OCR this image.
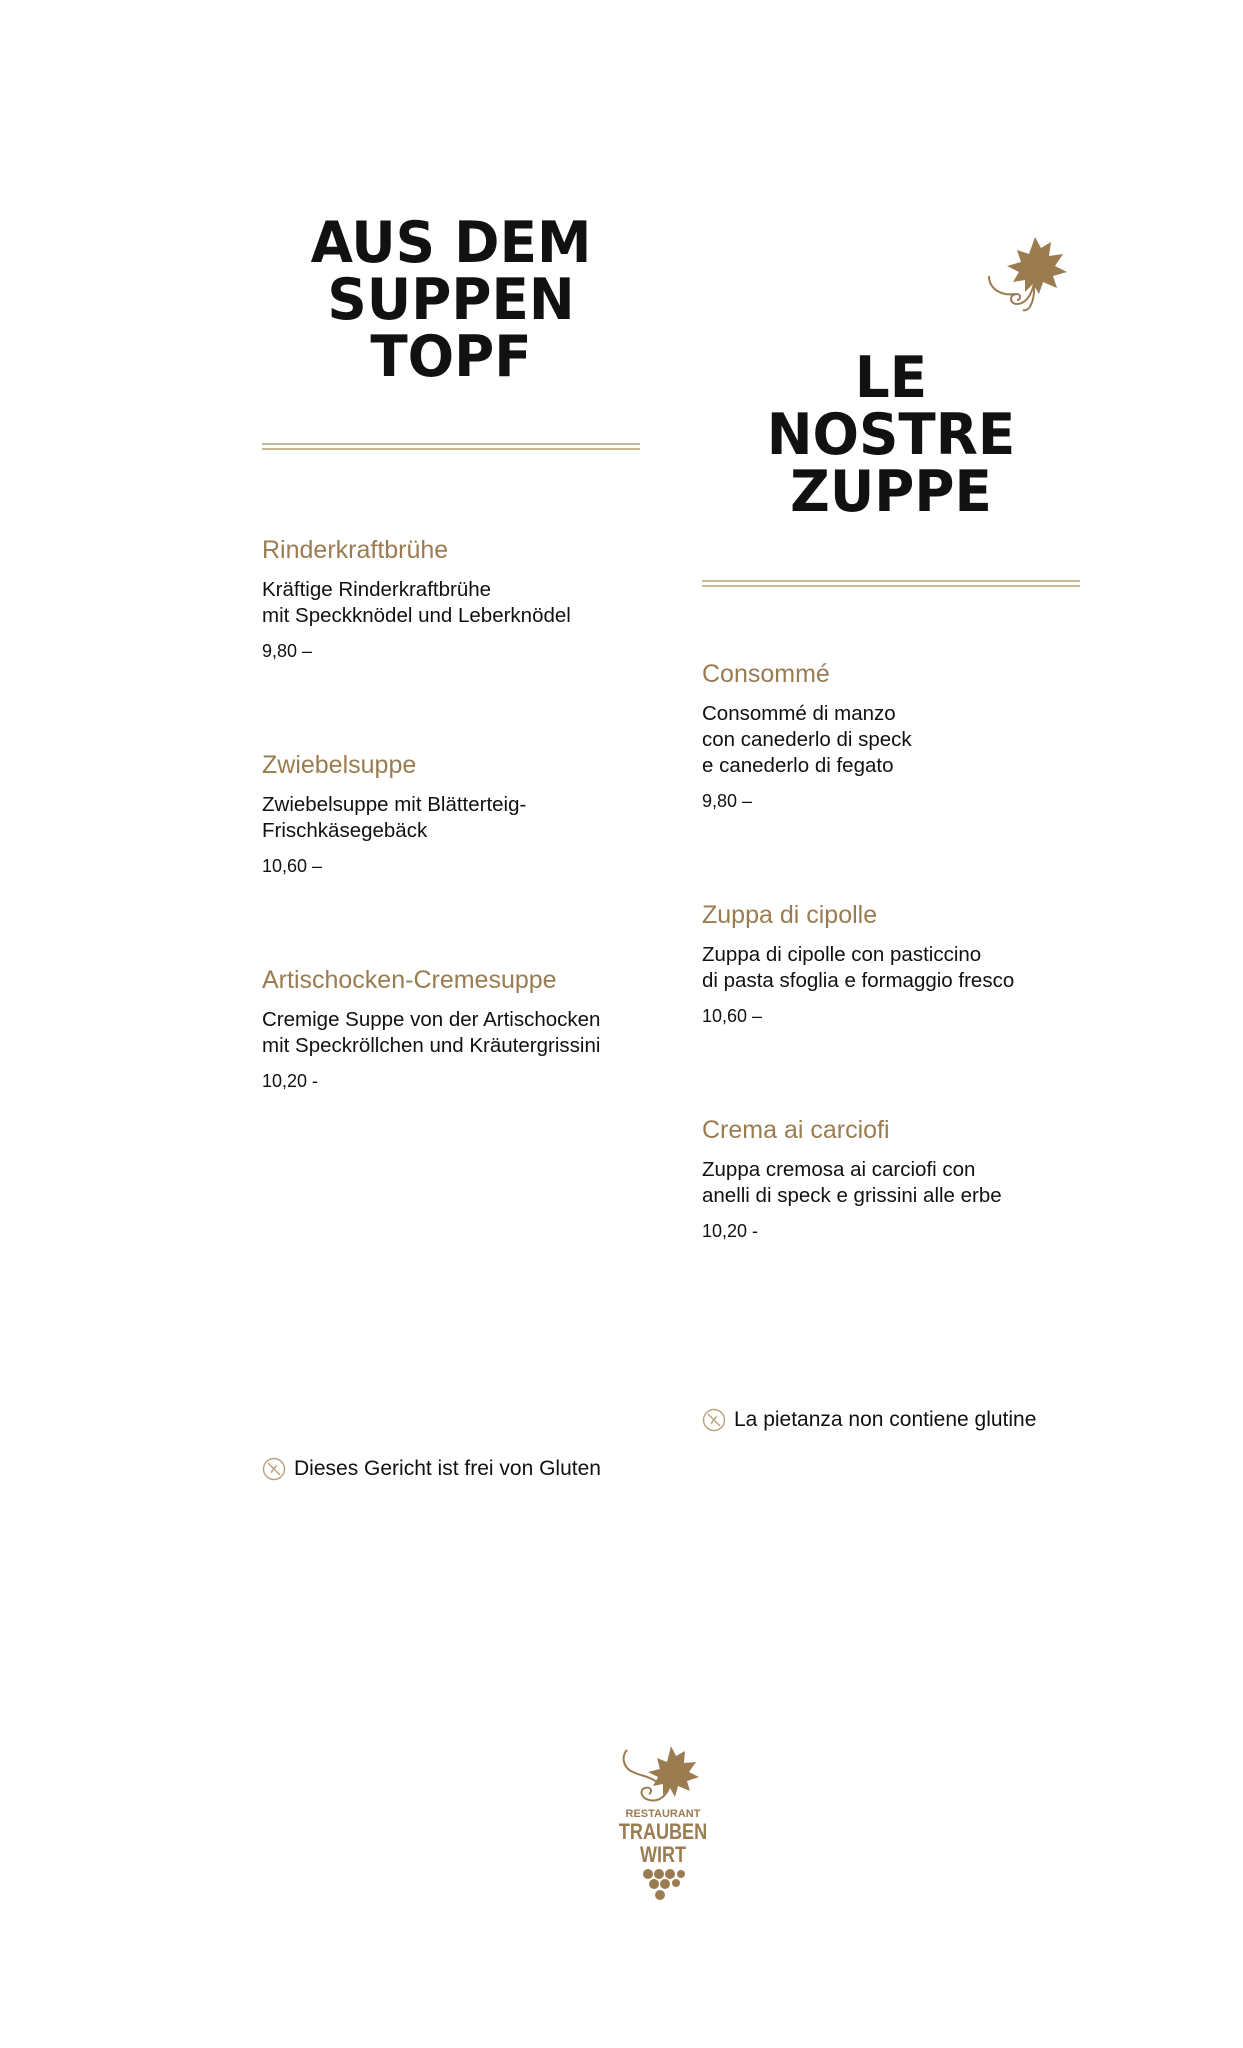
AUS DEM
SUPPEN
TOPF
Rinderkraftbrühe
Kräftige Rinderkraftbrühe
mit Speckknödel und Leberknödel
9,80 –
Zwiebelsuppe
Zwiebelsuppe mit Blätterteig-
Frischkäsegebäck
10,60 –
Artischocken-Cremesuppe
Cremige Suppe von der Artischocken
mit Speckröllchen und Kräutergrissini
10,20 -
Dieses Gericht ist frei von Gluten
LE
NOSTRE
ZUPPE
Consommé
Consommé di manzo
con canederlo di speck
e canederlo di fegato
9,80 –
Zuppa di cipolle
Zuppa di cipolle con pasticcino
di pasta sfoglia e formaggio fresco
10,60 –
Crema ai carciofi
Zuppa cremosa ai carciofi con
anelli di speck e grissini alle erbe
10,20 -
La pietanza non contiene glutine
RESTAURANT
TRAUBEN
WIRT
